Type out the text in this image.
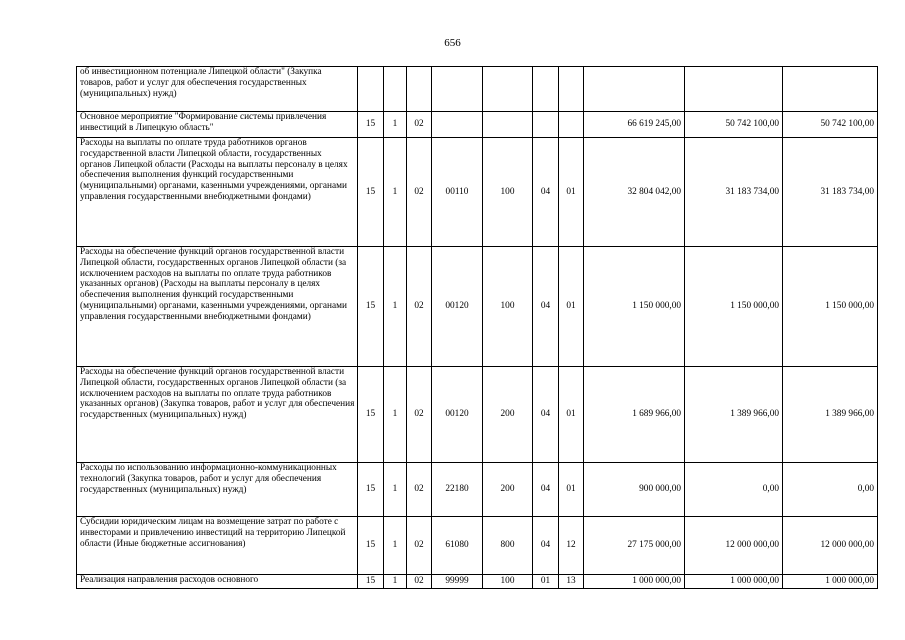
656
об инвестиционном потенциале Липецкой области" (Закупка товаров, работ и услуг для обеспечения государственных (муниципальных) нужд)										
Основное мероприятие "Формирование системы привлечения инвестиций в Липецкую область"	15	1	02					66 619 245,00	50 742 100,00	50 742 100,00
Расходы на выплаты по оплате труда работников органов государственной власти Липецкой области, государственных органов Липецкой области (Расходы на выплаты персоналу в целях обеспечения выполнения функций государственными (муниципальными) органами, казенными учреждениями, органами управления государственными внебюджетными фондами)	15	1	02	00110	100	04	01	32 804 042,00	31 183 734,00	31 183 734,00
Расходы на обеспечение функций органов государственной власти Липецкой области, государственных органов Липецкой области (за исключением расходов на выплаты по оплате труда работников указанных органов) (Расходы на выплаты персоналу в целях обеспечения выполнения функций государственными (муниципальными) органами, казенными учреждениями, органами управления государственными внебюджетными фондами)	15	1	02	00120	100	04	01	1 150 000,00	1 150 000,00	1 150 000,00
Расходы на обеспечение функций органов государственной власти Липецкой области, государственных органов Липецкой области (за исключением расходов на выплаты по оплате труда работников указанных органов) (Закупка товаров, работ и услуг для обеспечения государственных (муниципальных) нужд)	15	1	02	00120	200	04	01	1 689 966,00	1 389 966,00	1 389 966,00
Расходы по использованию информационно-коммуникационных технологий (Закупка товаров, работ и услуг для обеспечения государственных (муниципальных) нужд)	15	1	02	22180	200	04	01	900 000,00	0,00	0,00
Субсидии юридическим лицам на возмещение затрат по работе с инвесторами и привлечению инвестиций на территорию Липецкой области (Иные бюджетные ассигнования)	15	1	02	61080	800	04	12	27 175 000,00	12 000 000,00	12 000 000,00
Реализация направления расходов основного	15	1	02	99999	100	01	13	1 000 000,00	1 000 000,00	1 000 000,00
